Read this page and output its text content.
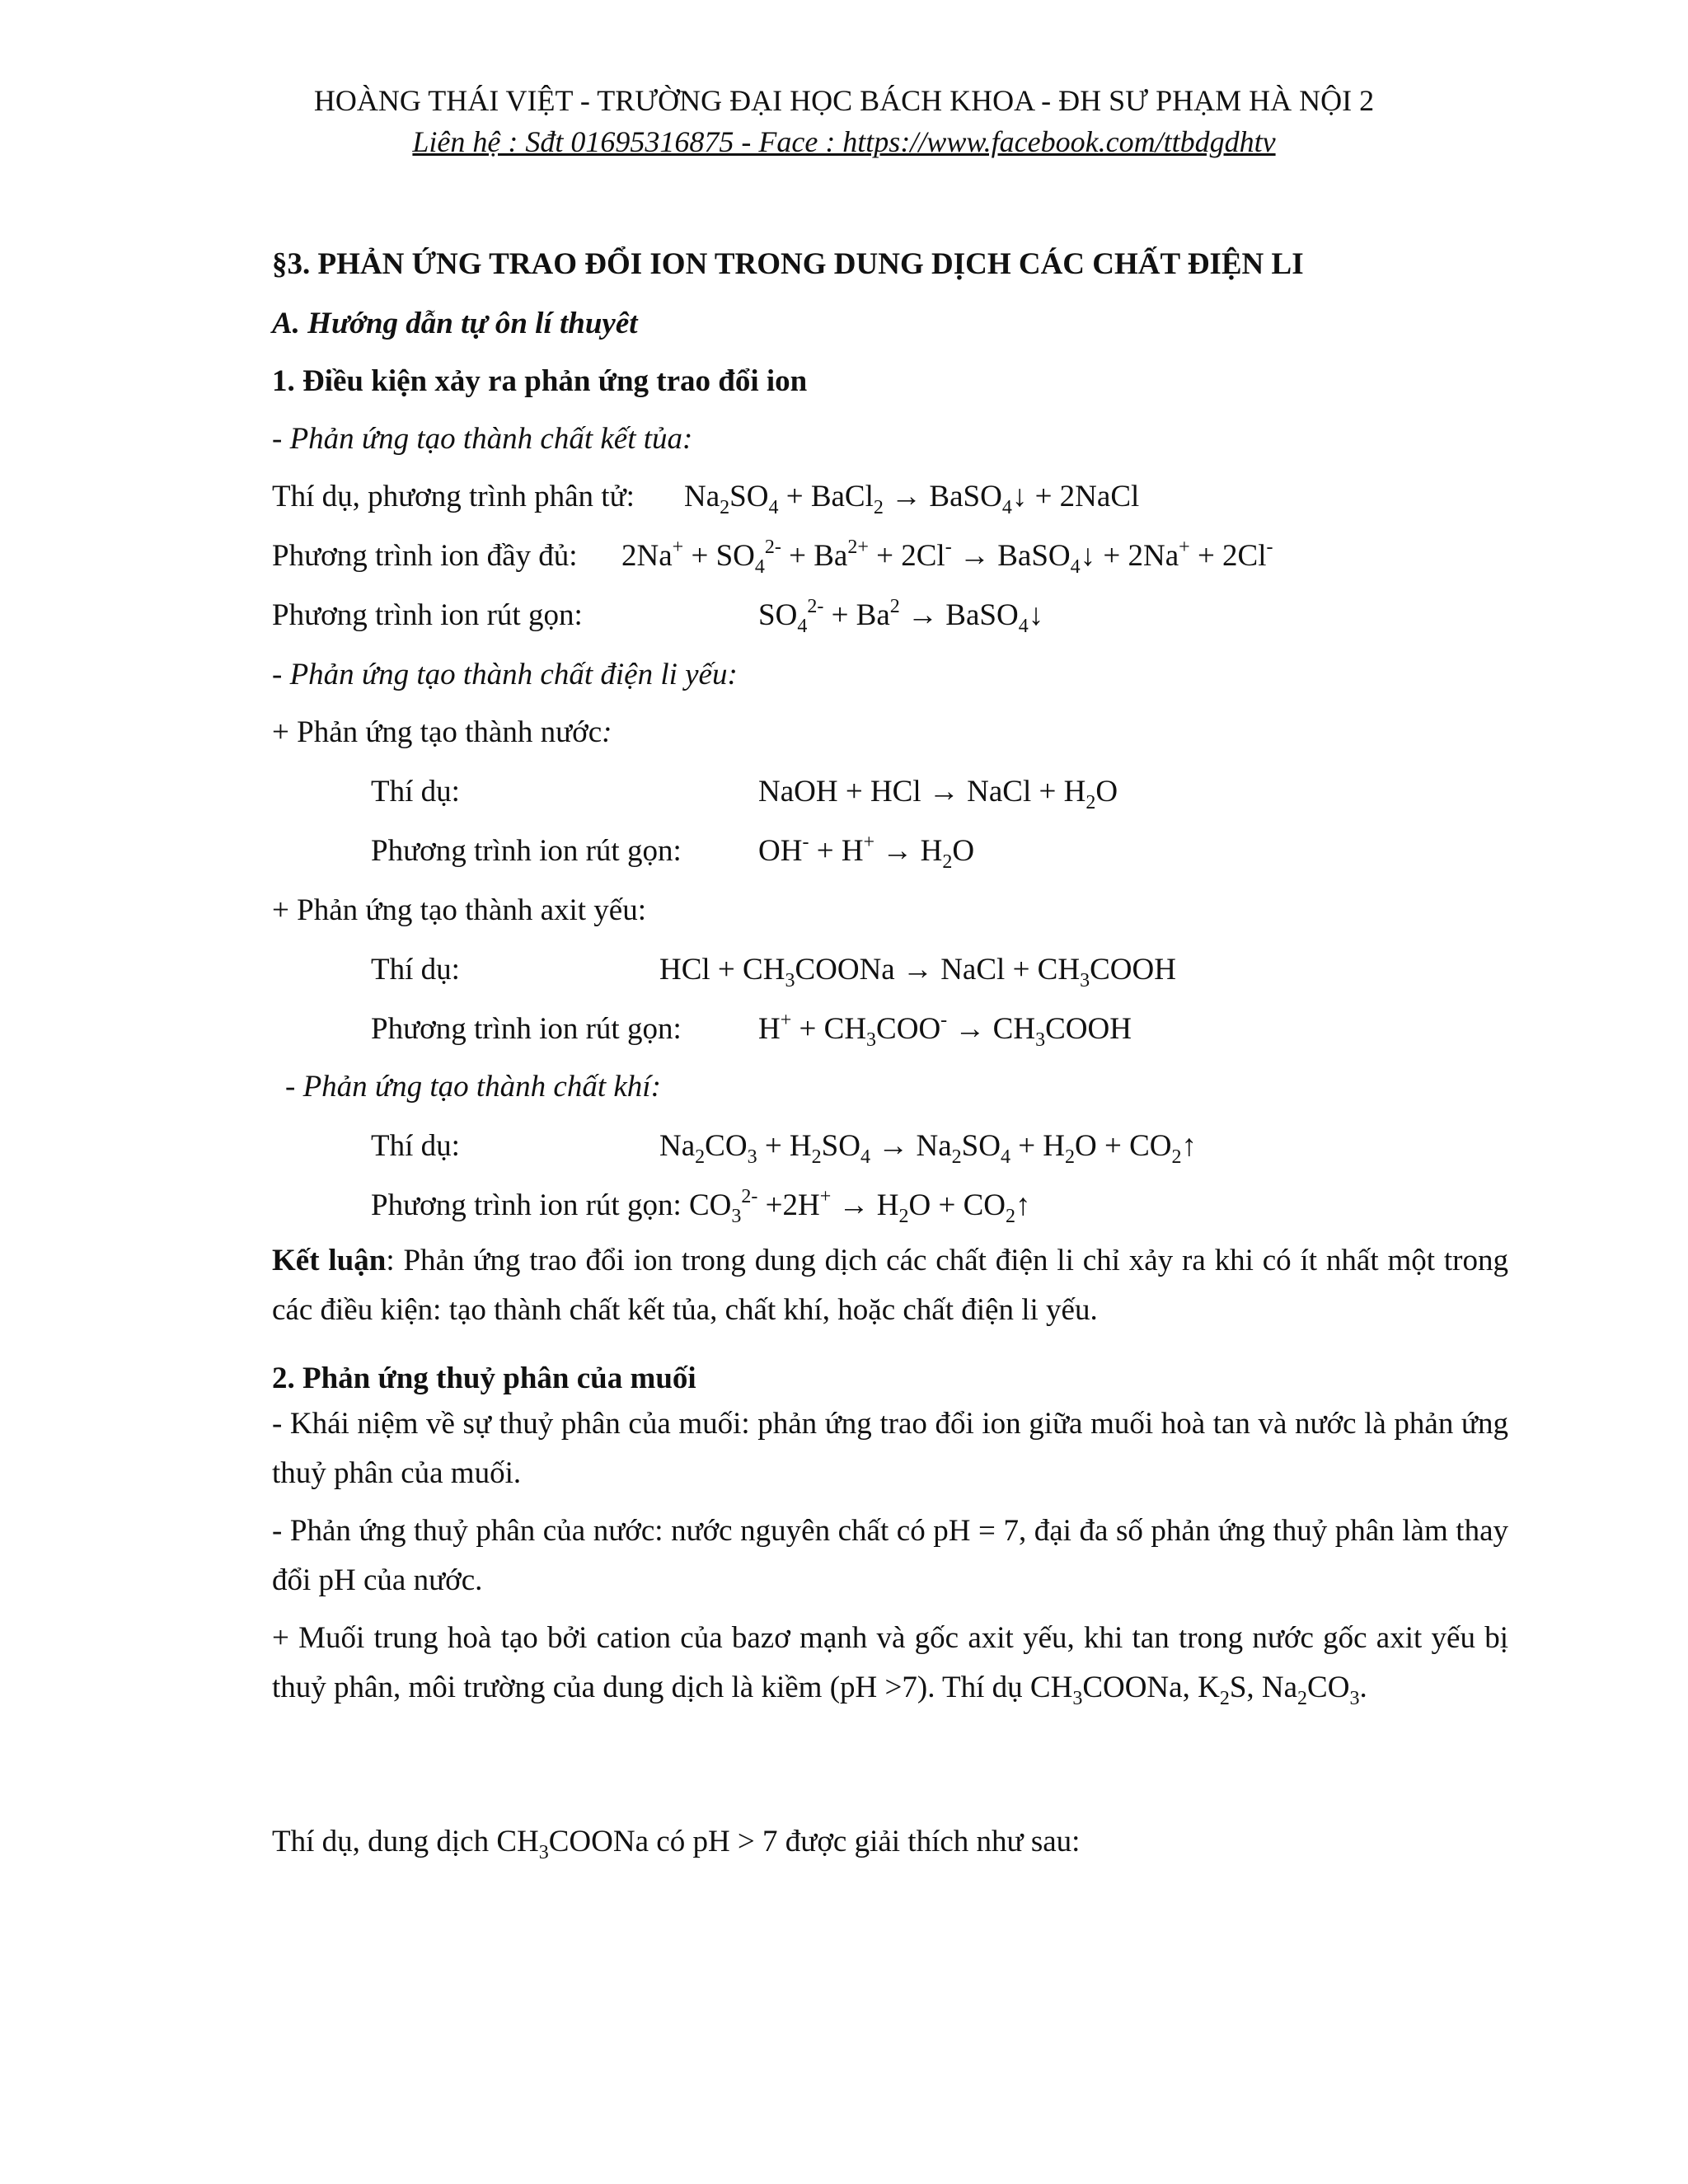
HOÀNG THÁI VIỆT - TRƯỜNG ĐẠI HỌC BÁCH KHOA - ĐH SƯ PHẠM HÀ NỘI 2
Liên hệ : Sđt 01695316875 - Face : https://www.facebook.com/ttbdgdhtv
§3. PHẢN ỨNG TRAO ĐỔI ION TRONG DUNG DỊCH CÁC CHẤT ĐIỆN LI
A. Hướng dẫn tự ôn lí thuyêt
1. Điều kiện xảy ra phản ứng trao đổi ion
- Phản ứng tạo thành chất kết tủa:
Thí dụ, phương trình phân tử: $Na_2SO_4$ + BaCl$_2$ → BaSO$_4$↓ + 2NaCl
Phương trình ion đầy đủ: $2Na^+ + SO_4^{2-} + Ba^{2+} + 2Cl^-$ → BaSO$_4$↓ + 2Na+ + 2Cl-
Phương trình ion rút gọn:	$SO_4^{2-} + Ba^2$ → BaSO$_4$↓
- Phản ứng tạo thành chất điện li yếu:
+ Phản ứng tạo thành nước:
Thí dụ:	NaOH + HCl → NaCl + $H_2O$
Phương trình ion rút gọn:	$OH^- + H^+ \to H_2O$
+ Phản ứng tạo thành axit yếu:
Thí dụ:	HCl + $CH_3COONa$ → NaCl + $CH_3COOH$
Phương trình ion rút gọn:	$H^+ + CH_3COO^-$ → $CH_3COOH$
- Phản ứng tạo thành chất khí:
Thí dụ:	$Na_2CO_3 + H_2SO_4 \to Na_2SO_4 + H_2O$ + $CO_2↑$
Phương trình ion rút gọn: $CO_3^{2-} +2H^+ \to H_2O$ + $CO_2↑$
Kết luận: Phản ứng trao đổi ion trong dung dịch các chất điện li chỉ xảy ra khi có ít nhất một trong các điều kiện: tạo thành chất kết tủa, chất khí, hoặc chất điện li yếu.
2. Phản ứng thuỷ phân của muối
- Khái niệm về sự thuỷ phân của muối: phản ứng trao đổi ion giữa muối hoà tan và nước là phản ứng thuỷ phân của muối.
- Phản ứng thuỷ phân của nước: nước nguyên chất có pH = 7, đại đa số phản ứng thuỷ phân làm thay đổi pH của nước.
+ Muối trung hoà tạo bởi cation của bazơ mạnh và gốc axit yếu, khi tan trong nước gốc axit yếu bị thuỷ phân, môi trường của dung dịch là kiềm (pH >7). Thí dụ $CH_3COONa$, $K_2S$, $Na_2CO_3$.
Thí dụ, dung dịch $CH_3COONa$ có pH > 7 được giải thích như sau:
